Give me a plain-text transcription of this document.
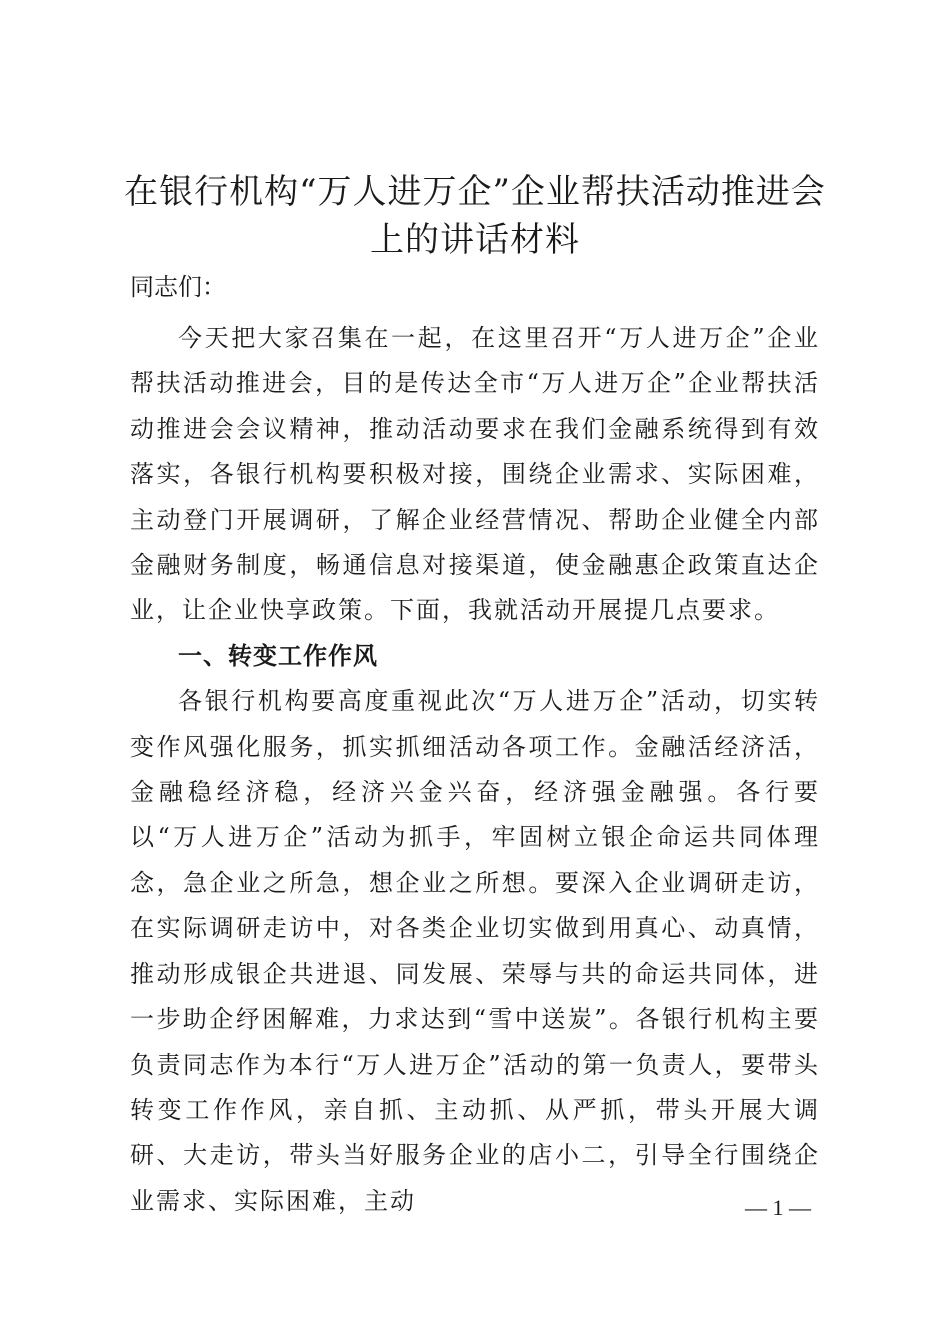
在银行机构“万人进万企”企业帮扶活动推进会上的讲话材料

同志们：

今天把大家召集在一起，在这里召开“万人进万企”企业帮扶活动推进会，目的是传达全市“万人进万企”企业帮扶活动推进会会议精神，推动活动要求在我们金融系统得到有效落实，各银行机构要积极对接，围绕企业需求、实际困难，主动登门开展调研，了解企业经营情况、帮助企业健全内部金融财务制度，畅通信息对接渠道，使金融惠企政策直达企业，让企业快享政策。下面，我就活动开展提几点要求。

一、转变工作作风

各银行机构要高度重视此次“万人进万企”活动，切实转变作风强化服务，抓实抓细活动各项工作。金融活经济活，金融稳经济稳，经济兴金兴奋，经济强金融强。各行要以“万人进万企”活动为抓手，牢固树立银企命运共同体理念，急企业之所急，想企业之所想。要深入企业调研走访，在实际调研走访中，对各类企业切实做到用真心、动真情，推动形成银企共进退、同发展、荣辱与共的命运共同体，进一步助企纾困解难，力求达到“雪中送炭”。各银行机构主要负责同志作为本行“万人进万企”活动的第一负责人，要带头转变工作作风，亲自抓、主动抓、从严抓，带头开展大调研、大走访，带头当好服务企业的店小二，引导全行围绕企业需求、实际困难，主动	— 1 —
